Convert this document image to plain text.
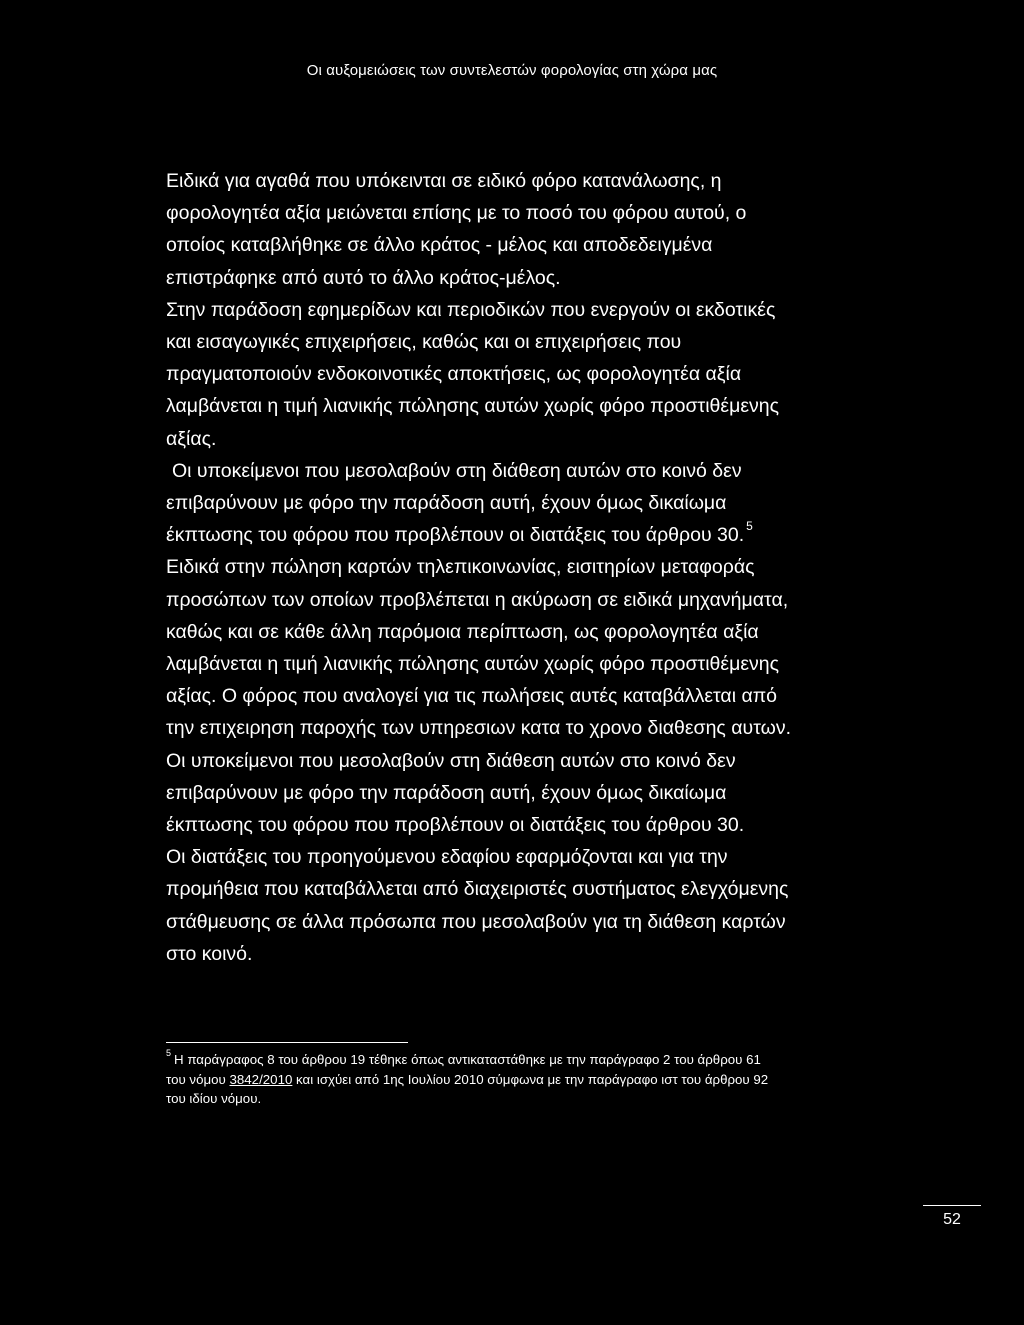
Οι αυξομειώσεις των συντελεστών φορολογίας στη χώρα μας

Ειδικά για αγαθά που υπόκεινται σε ειδικό φόρο κατανάλωσης, η

φορολογητέα αξία μειώνεται επίσης με το ποσό του φόρου αυτού, ο

οποίος καταβλήθηκε σε άλλο κράτος - μέλος και αποδεδειγμένα

επιστράφηκε από αυτό το άλλο κράτος-μέλος.

Στην παράδοση εφημερίδων και περιοδικών που ενεργούν οι εκδοτικές

και εισαγωγικές επιχειρήσεις, καθώς και οι επιχειρήσεις που

πραγματοποιούν ενδοκοινοτικές αποκτήσεις, ως φορολογητέα αξία

λαμβάνεται η τιμή λιανικής πώλησης αυτών χωρίς φόρο προστιθέμενης

αξίας.

Οι υποκείμενοι που μεσολαβούν στη διάθεση αυτών στο κοινό δεν

επιβαρύνουν με φόρο την παράδοση αυτή, έχουν όμως δικαίωμα

έκπτωσης του φόρου που προβλέπουν οι διατάξεις του άρθρου 30. $^5$

Ειδικά στην πώληση καρτών τηλεπικοινωνίας, εισιτηρίων μεταφοράς

προσώπων των οποίων προβλέπεται η ακύρωση σε ειδικά μηχανήματα,

καθώς και σε κάθε άλλη παρόμοια περίπτωση, ως φορολογητέα αξία

λαμβάνεται η τιμή λιανικής πώλησης αυτών χωρίς φόρο προστιθέμενης

αξίας. Ο φόρος που αναλογεί για τις πωλήσεις αυτές καταβάλλεται από

την επιχειρηση παροχής των υπηρεσιων κατα το χρονο διαθεσης αυτων.

Οι υποκείμενοι που μεσολαβούν στη διάθεση αυτών στο κοινό δεν

επιβαρύνουν με φόρο την παράδοση αυτή, έχουν όμως δικαίωμα

έκπτωσης του φόρου που προβλέπουν οι διατάξεις του άρθρου 30.

Οι διατάξεις του προηγούμενου εδαφίου εφαρμόζονται και για την

προμήθεια που καταβάλλεται από διαχειριστές συστήματος ελεγχόμενης

στάθμευσης σε άλλα πρόσωπα που μεσολαβούν για τη διάθεση καρτών

στο κοινό.

$^5$ Η παράγραφος 8 του άρθρου 19 τέθηκε όπως αντικαταστάθηκε με την παράγραφο 2 του άρθρου 61

του νόμου 3842/2010 και ισχύει από 1ης Ιουλίου 2010 σύμφωνα με την παράγραφο ιστ του άρθρου 92

του ιδίου νόμου.

52
